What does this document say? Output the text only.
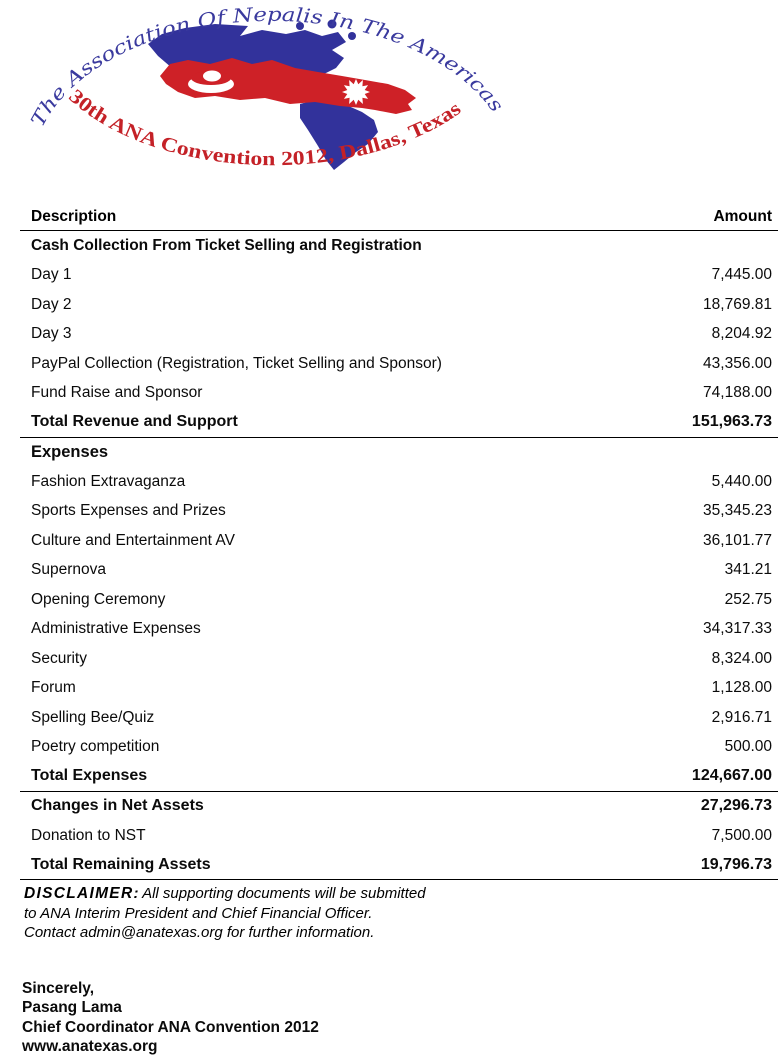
The Association Of Nepalis In The Americas
30th ANA Convention 2012, Dallas, Texas
Description	Amount
Cash Collection From Ticket Selling and Registration
Day 1	7,445.00
Day 2	18,769.81
Day 3	8,204.92
PayPal Collection (Registration, Ticket Selling and Sponsor)	43,356.00
Fund Raise and Sponsor	74,188.00
Total Revenue and Support	151,963.73
Expenses
Fashion Extravaganza	5,440.00
Sports Expenses and Prizes	35,345.23
Culture and Entertainment AV	36,101.77
Supernova	341.21
Opening Ceremony	252.75
Administrative Expenses	34,317.33
Security	8,324.00
Forum	1,128.00
Spelling Bee/Quiz	2,916.71
Poetry competition	500.00
Total Expenses	124,667.00
Changes in Net Assets	27,296.73
Donation to NST	7,500.00
Total Remaining Assets	19,796.73
DISCLAIMER: All supporting documents will be submitted to ANA Interim President and Chief Financial Officer. Contact admin@anatexas.org for further information.
Sincerely,
Pasang Lama
Chief Coordinator ANA Convention 2012
www.anatexas.org
